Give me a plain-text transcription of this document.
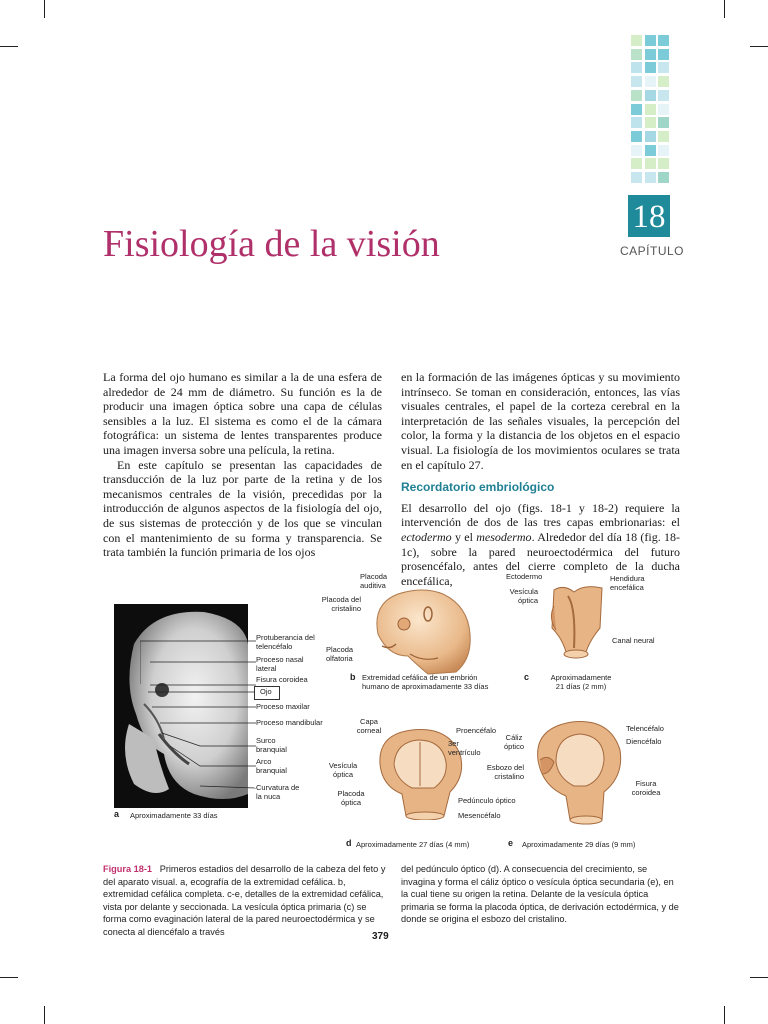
18
CAPÍTULO
Fisiología de la visión

La forma del ojo humano es similar a la de una esfera de alrededor de 24 mm de diámetro. Su función es la de producir una imagen óptica sobre una capa de células sensibles a la luz. El sistema es como el de la cámara fotográfica: un sistema de lentes transparentes produce una imagen inversa sobre una película, la retina.

En este capítulo se presentan las capacidades de transducción de la luz por parte de la retina y de los mecanismos centrales de la visión, precedidas por la introducción de algunos aspectos de la fisiología del ojo, de sus sistemas de protección y de los que se vinculan con el mantenimiento de su forma y transparencia. Se trata también la función primaria de los ojos

en la formación de las imágenes ópticas y su movimiento intrínseco. Se toman en consideración, entonces, las vías visuales centrales, el papel de la corteza cerebral en la interpretación de las señales visuales, la percepción del color, la forma y la distancia de los objetos en el espacio visual. La fisiología de los movimientos oculares se trata en el capítulo 27.

Recordatorio embriológico

El desarrollo del ojo (figs. 18-1 y 18-2) requiere la intervención de dos de las tres capas embrionarias: el ectodermo y el mesodermo. Alrededor del día 18 (fig. 18-1c), sobre la pared neuroectodérmica del futuro prosencéfalo, antes del cierre completo de la ducha encefálica,

Protuberancia del telencéfalo
Proceso nasal lateral
Fisura coroidea
Ojo
Proceso maxilar
Proceso mandibular
Surco branquial
Arco branquial
Curvatura de la nuca
a Aproximadamente 33 días
Placoda auditiva
Placoda del cristalino
Placoda olfatoria
b Extremidad cefálica de un embrión humano de aproximadamente 33 días
Ectodermo	Hendidura encefálica
Vesícula óptica
Canal neural
c	Aproximadamente 21 días (2 mm)
Capa corneal	Proencéfalo
3er ventrículo
Vesícula óptica
Placoda óptica	Pedúnculo óptico
Mesencéfalo
d Aproximadamente 27 días (4 mm)
Cáliz óptico
Telencéfalo
Diencéfalo
Esbozo del cristalino
Fisura coroidea
e Aproximadamente 29 días (9 mm)
Figura 18-1 Primeros estadios del desarrollo de la cabeza del feto y del aparato visual. a, ecografía de la extremidad cefálica. b, extremidad cefálica completa. c-e, detalles de la extremidad cefálica, vista por delante y seccionada. La vesícula óptica primaria (c) se forma como evaginación lateral de la pared neuroectodérmica y se conecta al diencéfalo a través
del pedúnculo óptico (d). A consecuencia del crecimiento, se invagina y forma el cáliz óptico o vesícula óptica secundaria (e), en la cual tiene su origen la retina. Delante de la vesícula óptica primaria se forma la placoda óptica, de derivación ectodérmica, y de donde se origina el esbozo del cristalino.
379
